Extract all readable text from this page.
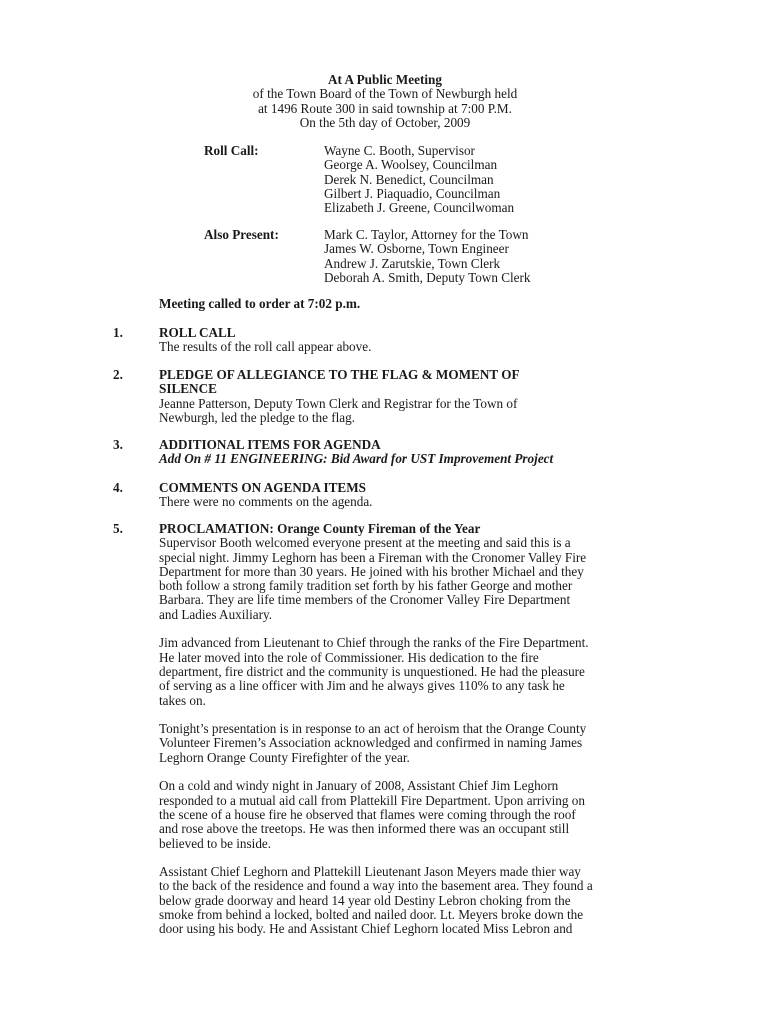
At A Public Meeting
of the Town Board of the Town of Newburgh held
at 1496 Route 300 in said township at 7:00 P.M.
On the 5th day of October, 2009
Roll Call:	Wayne C. Booth, Supervisor
George A. Woolsey, Councilman
Derek N. Benedict, Councilman
Gilbert J. Piaquadio, Councilman
Elizabeth J. Greene, Councilwoman
Also Present:	Mark C. Taylor, Attorney for the Town
James W. Osborne, Town Engineer
Andrew J. Zarutskie, Town Clerk
Deborah A. Smith, Deputy Town Clerk
Meeting called to order at 7:02 p.m.
1.	ROLL CALL
The results of the roll call appear above.
2.	PLEDGE OF ALLEGIANCE TO THE FLAG & MOMENT OF
SILENCE
Jeanne Patterson, Deputy Town Clerk and Registrar for the Town of
Newburgh, led the pledge to the flag.
3.	ADDITIONAL ITEMS FOR AGENDA
Add On # 11 ENGINEERING: Bid Award for UST Improvement Project
4.	COMMENTS ON AGENDA ITEMS
There were no comments on the agenda.
5.	PROCLAMATION: Orange County Fireman of the Year
Supervisor Booth welcomed everyone present at the meeting and said this is a
special night. Jimmy Leghorn has been a Fireman with the Cronomer Valley Fire
Department for more than 30 years. He joined with his brother Michael and they
both follow a strong family tradition set forth by his father George and mother
Barbara. They are life time members of the Cronomer Valley Fire Department
and Ladies Auxiliary.
Jim advanced from Lieutenant to Chief through the ranks of the Fire Department.
He later moved into the role of Commissioner. His dedication to the fire
department, fire district and the community is unquestioned. He had the pleasure
of serving as a line officer with Jim and he always gives 110% to any task he
takes on.
Tonight’s presentation is in response to an act of heroism that the Orange County
Volunteer Firemen’s Association acknowledged and confirmed in naming James
Leghorn Orange County Firefighter of the year.
On a cold and windy night in January of 2008, Assistant Chief Jim Leghorn
responded to a mutual aid call from Plattekill Fire Department. Upon arriving on
the scene of a house fire he observed that flames were coming through the roof
and rose above the treetops. He was then informed there was an occupant still
believed to be inside.
Assistant Chief Leghorn and Plattekill Lieutenant Jason Meyers made thier way
to the back of the residence and found a way into the basement area. They found a
below grade doorway and heard 14 year old Destiny Lebron choking from the
smoke from behind a locked, bolted and nailed door. Lt. Meyers broke down the
door using his body. He and Assistant Chief Leghorn located Miss Lebron and
